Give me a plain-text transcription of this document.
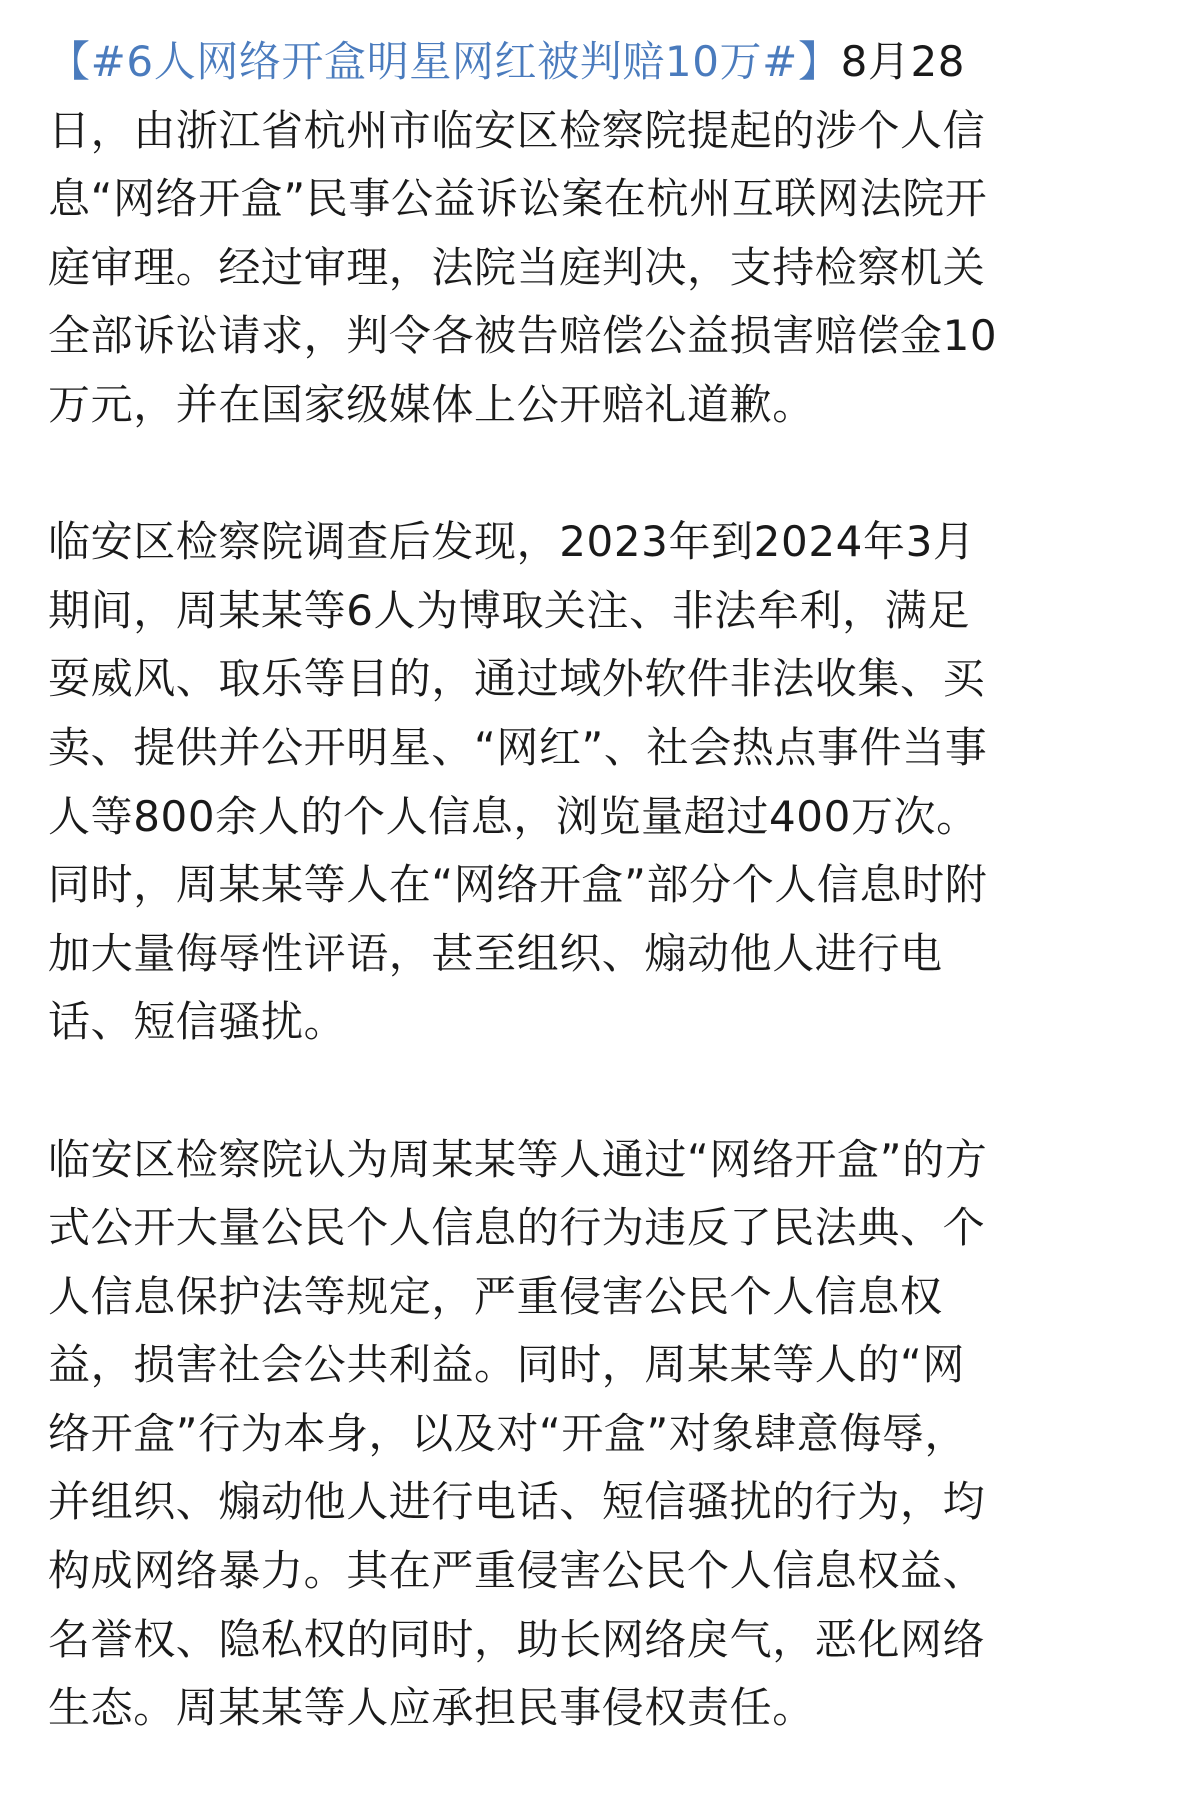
【#6人网络开盒明星网红被判赔10万#】8月28
日，由浙江省杭州市临安区检察院提起的涉个人信
息“网络开盒”民事公益诉讼案在杭州互联网法院开
庭审理。经过审理，法院当庭判决，支持检察机关
全部诉讼请求，判令各被告赔偿公益损害赔偿金10
万元，并在国家级媒体上公开赔礼道歉。
临安区检察院调查后发现，2023年到2024年3月
期间，周某某等6人为博取关注、非法牟利，满足
耍威风、取乐等目的，通过域外软件非法收集、买
卖、提供并公开明星、“网红”、社会热点事件当事
人等800余人的个人信息，浏览量超过400万次。
同时，周某某等人在“网络开盒”部分个人信息时附
加大量侮辱性评语，甚至组织、煽动他人进行电
话、短信骚扰。
临安区检察院认为周某某等人通过“网络开盒”的方
式公开大量公民个人信息的行为违反了民法典、个
人信息保护法等规定，严重侵害公民个人信息权
益，损害社会公共利益。同时，周某某等人的“网
络开盒”行为本身，以及对“开盒”对象肆意侮辱，
并组织、煽动他人进行电话、短信骚扰的行为，均
构成网络暴力。其在严重侵害公民个人信息权益、
名誉权、隐私权的同时，助长网络戾气，恶化网络
生态。周某某等人应承担民事侵权责任。
